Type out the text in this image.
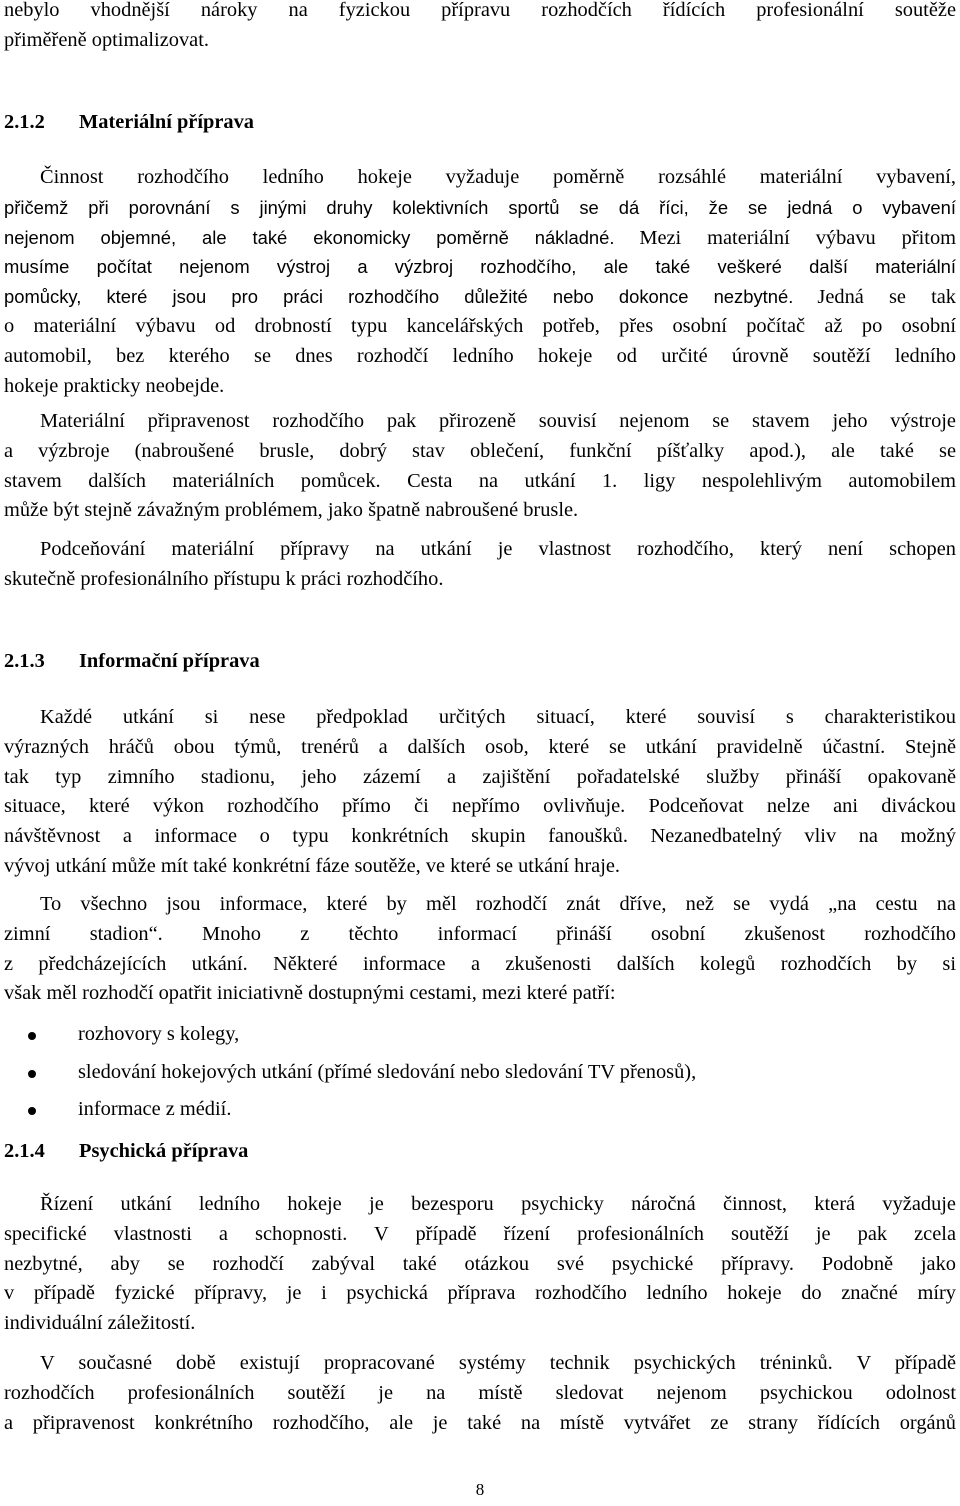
nebylo vhodnější nároky na fyzickou přípravu rozhodčích řídících profesionální soutěže
přiměřeně optimalizovat.
2.1.2 Materiální příprava
Činnost rozhodčího ledního hokeje vyžaduje poměrně rozsáhlé materiální vybavení,
přičemž při porovnání s jinými druhy kolektivních sportů se dá říci, že se jedná o vybavení
nejenom objemné, ale také ekonomicky poměrně nákladné. Mezi materiální výbavu přitom
musíme počítat nejenom výstroj a výzbroj rozhodčího, ale také veškeré další materiální
pomůcky, které jsou pro práci rozhodčího důležité nebo dokonce nezbytné. Jedná se tak
o materiální výbavu od drobností typu kancelářských potřeb, přes osobní počítač až po osobní
automobil, bez kterého se dnes rozhodčí ledního hokeje od určité úrovně soutěží ledního
hokeje prakticky neobejde.
Materiální připravenost rozhodčího pak přirozeně souvisí nejenom se stavem jeho výstroje
a výzbroje (nabroušené brusle, dobrý stav oblečení, funkční píšťalky apod.), ale také se
stavem dalších materiálních pomůcek. Cesta na utkání 1. ligy nespolehlivým automobilem
může být stejně závažným problémem, jako špatně nabroušené brusle.
Podceňování materiální přípravy na utkání je vlastnost rozhodčího, který není schopen
skutečně profesionálního přístupu k práci rozhodčího.
2.1.3 Informační příprava
Každé utkání si nese předpoklad určitých situací, které souvisí s charakteristikou
výrazných hráčů obou týmů, trenérů a dalších osob, které se utkání pravidelně účastní. Stejně
tak typ zimního stadionu, jeho zázemí a zajištění pořadatelské služby přináší opakovaně
situace, které výkon rozhodčího přímo či nepřímo ovlivňuje. Podceňovat nelze ani diváckou
návštěvnost a informace o typu konkrétních skupin fanoušků. Nezanedbatelný vliv na možný
vývoj utkání může mít také konkrétní fáze soutěže, ve které se utkání hraje.
To všechno jsou informace, které by měl rozhodčí znát dříve, než se vydá „na cestu na
zimní stadion“. Mnoho z těchto informací přináší osobní zkušenost rozhodčího
z předcházejících utkání. Některé informace a zkušenosti dalších kolegů rozhodčích by si
však měl rozhodčí opatřit iniciativně dostupnými cestami, mezi které patří:
rozhovory s kolegy,
sledování hokejových utkání (přímé sledování nebo sledování TV přenosů),
informace z médií.
2.1.4 Psychická příprava
Řízení utkání ledního hokeje je bezesporu psychicky náročná činnost, která vyžaduje
specifické vlastnosti a schopnosti. V případě řízení profesionálních soutěží je pak zcela
nezbytné, aby se rozhodčí zabýval také otázkou své psychické přípravy. Podobně jako
v případě fyzické přípravy, je i psychická příprava rozhodčího ledního hokeje do značné míry
individuální záležitostí.
V současné době existují propracované systémy technik psychických tréninků. V případě
rozhodčích profesionálních soutěží je na místě sledovat nejenom psychickou odolnost
a připravenost konkrétního rozhodčího, ale je také na místě vytvářet ze strany řídících orgánů
8
